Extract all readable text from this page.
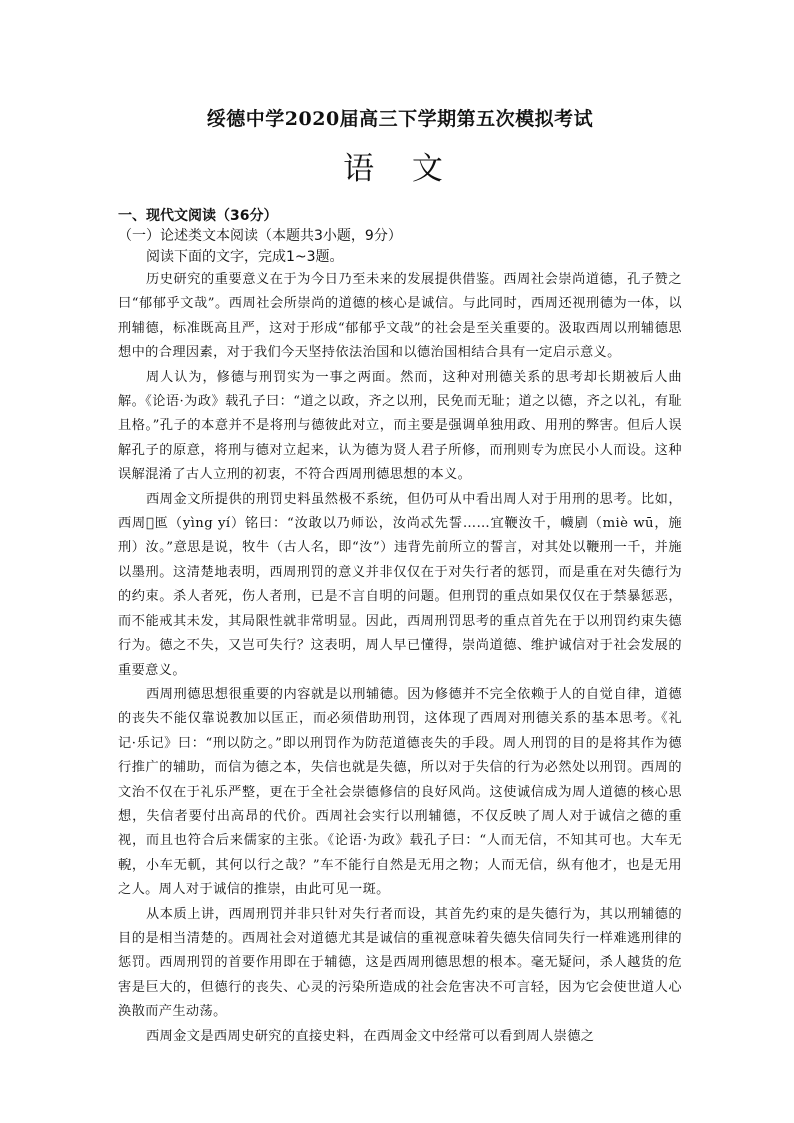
绥德中学2020届高三下学期第五次模拟考试
语 文
一、现代文阅读（36分）
（一）论述类文本阅读（本题共3小题，9分）
阅读下面的文字，完成1~3题。

历史研究的重要意义在于为今日乃至未来的发展提供借鉴。西周社会崇尚道德，孔子赞之曰“郁郁乎文哉”。西周社会所崇尚的道德的核心是诚信。与此同时，西周还视刑德为一体，以刑辅德，标准既高且严，这对于形成“郁郁乎文哉”的社会是至关重要的。汲取西周以刑辅德思想中的合理因素，对于我们今天坚持依法治国和以德治国相结合具有一定启示意义。

周人认为，修德与刑罚实为一事之两面。然而，这种对刑德关系的思考却长期被后人曲解。《论语·为政》载孔子曰：“道之以政，齐之以刑，民免而无耻；道之以德，齐之以礼，有耻且格。”孔子的本意并不是将刑与德彼此对立，而主要是强调单独用政、用刑的弊害。但后人误解孔子的原意，将刑与德对立起来，认为德为贤人君子所修，而刑则专为庶民小人而设。这种误解混淆了古人立刑的初衷，不符合西周刑德思想的本义。

西周金文所提供的刑罚史料虽然极不系统，但仍可从中看出周人对于用刑的思考。比如，西周𠑇匜（yìng yí）铭曰：“汝敢以乃师讼，汝尚忒先誓……宜鞭汝千，幭剭（miè wū，施刑）汝。”意思是说，牧牛（古人名，即“汝”）违背先前所立的誓言，对其处以鞭刑一千，并施以墨刑。这清楚地表明，西周刑罚的意义并非仅仅在于对失行者的惩罚，而是重在对失德行为的约束。杀人者死，伤人者刑，已是不言自明的问题。但刑罚的重点如果仅仅在于禁暴惩恶，而不能戒其未发，其局限性就非常明显。因此，西周刑罚思考的重点首先在于以刑罚约束失德行为。德之不失，又岂可失行？这表明，周人早已懂得，崇尚道德、维护诚信对于社会发展的重要意义。

西周刑德思想很重要的内容就是以刑辅德。因为修德并不完全依赖于人的自觉自律，道德的丧失不能仅靠说教加以匡正，而必须借助刑罚，这体现了西周对刑德关系的基本思考。《礼记·乐记》曰：“刑以防之。”即以刑罚作为防范道德丧失的手段。周人刑罚的目的是将其作为德行推广的辅助，而信为德之本，失信也就是失德，所以对于失信的行为必然处以刑罚。西周的文治不仅在于礼乐严整，更在于全社会崇德修信的良好风尚。这使诚信成为周人道德的核心思想，失信者要付出高昂的代价。西周社会实行以刑辅德，不仅反映了周人对于诚信之德的重视，而且也符合后来儒家的主张。《论语·为政》载孔子曰：“人而无信，不知其可也。大车无輗，小车无軏，其何以行之哉？”车不能行自然是无用之物；人而无信，纵有他才，也是无用之人。周人对于诚信的推崇，由此可见一斑。

从本质上讲，西周刑罚并非只针对失行者而设，其首先约束的是失德行为，其以刑辅德的目的是相当清楚的。西周社会对道德尤其是诚信的重视意味着失德失信同失行一样难逃刑律的惩罚。西周刑罚的首要作用即在于辅德，这是西周刑德思想的根本。毫无疑问，杀人越货的危害是巨大的，但德行的丧失、心灵的污染所造成的社会危害决不可言轻，因为它会使世道人心涣散而产生动荡。

西周金文是西周史研究的直接史料，在西周金文中经常可以看到周人崇德之
